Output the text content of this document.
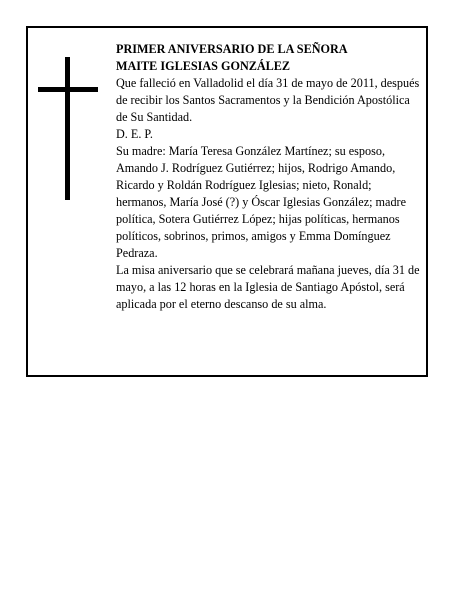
PRIMER ANIVERSARIO DE LA SEÑORA

MAITE IGLESIAS GONZÁLEZ

Que falleció en Valladolid el día 31 de mayo de 2011, después de recibir los Santos Sacramentos y la Bendición Apostólica de Su Santidad.

D. E. P.

Su madre: María Teresa González Martínez; su esposo, Amando J. Rodríguez Gutiérrez; hijos, Rodrigo Amando, Ricardo y Roldán Rodríguez Iglesias; nieto, Ronald; hermanos, María José (?) y Óscar Iglesias González; madre política, Sotera Gutiérrez López; hijas políticas, hermanos políticos, sobrinos, primos, amigos y Emma Domínguez Pedraza.

La misa aniversario que se celebrará mañana jueves, día 31 de mayo, a las 12 horas en la Iglesia de Santiago Apóstol, será aplicada por el eterno descanso de su alma.
